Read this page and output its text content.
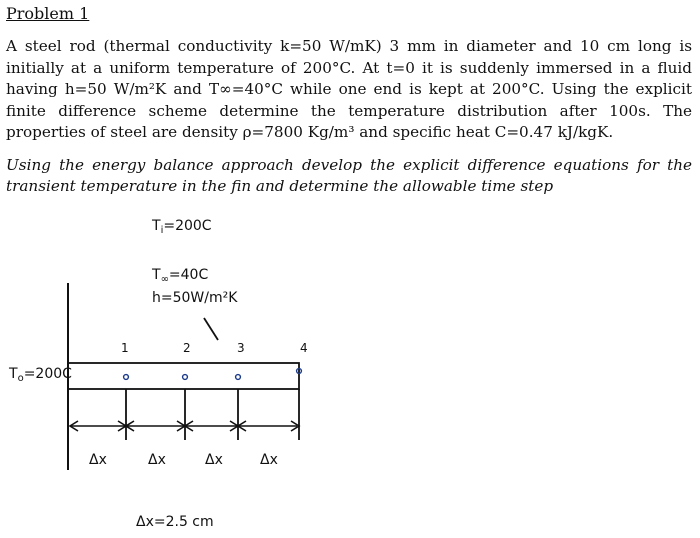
Problem 1
A steel rod (thermal conductivity k=50 W/mK) 3 mm in diameter and 10 cm long is initially at a uniform temperature of 200°C. At t=0 it is suddenly immersed in a fluid having h=50 W/m²K and T∞=40°C while one end is kept at 200°C. Using the explicit finite difference scheme determine the temperature distribution after 100s. The properties of steel are density ρ=7800 Kg/m³ and specific heat C=0.47 kJ/kgK.
Using the energy balance approach develop the explicit difference equations for the transient temperature in the fin and determine the allowable time step
$T_i=200C$
$T_\infty=40C$
h=50W/m²K
1	2	3	4
$T_o=200C$
Δx	Δx	Δx	Δx
Δx=2.5 cm
